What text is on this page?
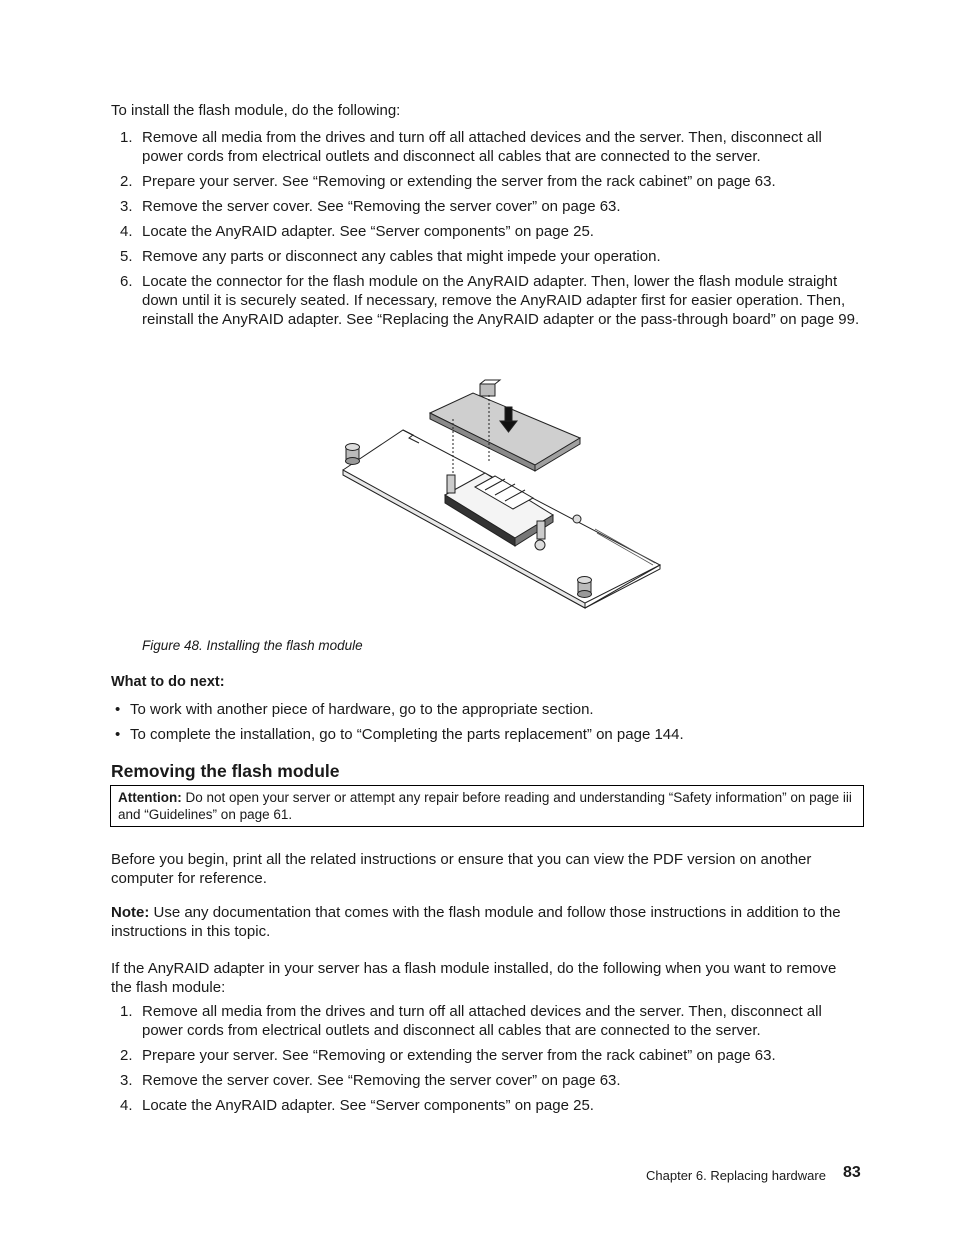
To install the flash module, do the following:
1. Remove all media from the drives and turn off all attached devices and the server. Then, disconnect all power cords from electrical outlets and disconnect all cables that are connected to the server.
2. Prepare your server. See “Removing or extending the server from the rack cabinet” on page 63.
3. Remove the server cover. See “Removing the server cover” on page 63.
4. Locate the AnyRAID adapter. See “Server components” on page 25.
5. Remove any parts or disconnect any cables that might impede your operation.
6. Locate the connector for the flash module on the AnyRAID adapter. Then, lower the flash module straight down until it is securely seated. If necessary, remove the AnyRAID adapter first for easier operation. Then, reinstall the AnyRAID adapter. See “Replacing the AnyRAID adapter or the pass-through board” on page 99.
Figure 48. Installing the flash module
What to do next:
• To work with another piece of hardware, go to the appropriate section.
• To complete the installation, go to “Completing the parts replacement” on page 144.
Removing the flash module
Attention: Do not open your server or attempt any repair before reading and understanding “Safety information” on page iii and “Guidelines” on page 61.
Before you begin, print all the related instructions or ensure that you can view the PDF version on another computer for reference.
Note: Use any documentation that comes with the flash module and follow those instructions in addition to the instructions in this topic.
If the AnyRAID adapter in your server has a flash module installed, do the following when you want to remove the flash module:
1. Remove all media from the drives and turn off all attached devices and the server. Then, disconnect all power cords from electrical outlets and disconnect all cables that are connected to the server.
2. Prepare your server. See “Removing or extending the server from the rack cabinet” on page 63.
3. Remove the server cover. See “Removing the server cover” on page 63.
4. Locate the AnyRAID adapter. See “Server components” on page 25.
Chapter 6. Replacing hardware 83
